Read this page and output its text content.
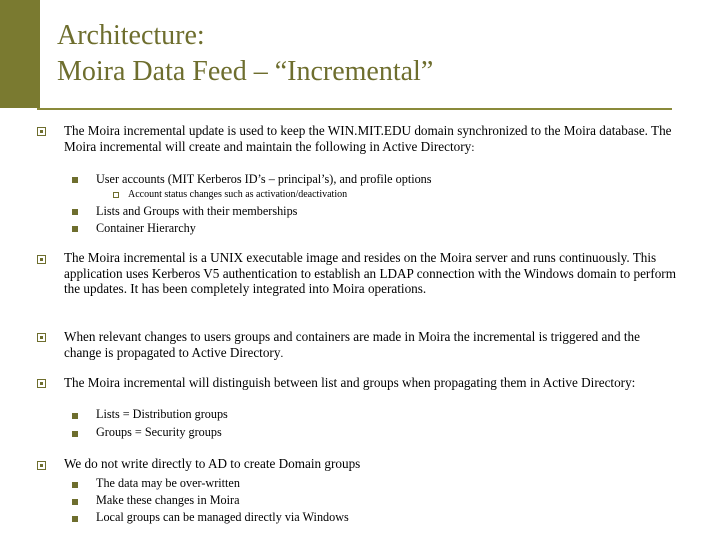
Architecture:
Moira Data Feed – “Incremental”
The Moira incremental update is used to keep the WIN.MIT.EDU domain synchronized to the Moira database. The Moira incremental will create and maintain the following in Active Directory:
User accounts (MIT Kerberos ID’s – principal’s), and profile options
Account status changes such as activation/deactivation
Lists and Groups with their memberships
Container Hierarchy
The Moira incremental is a UNIX executable image and resides on the Moira server and runs continuously. This application uses Kerberos V5 authentication to establish an LDAP connection with the Windows domain to perform the updates. It has been completely integrated into Moira operations.
When relevant changes to users groups and containers are made in Moira the incremental is triggered and the change is propagated to Active Directory.
The Moira incremental will distinguish between list and groups when propagating them in Active Directory:
Lists = Distribution groups
Groups = Security groups
We do not write directly to AD to create Domain groups
The data may be over-written
Make these changes in Moira
Local groups can be managed directly via Windows
